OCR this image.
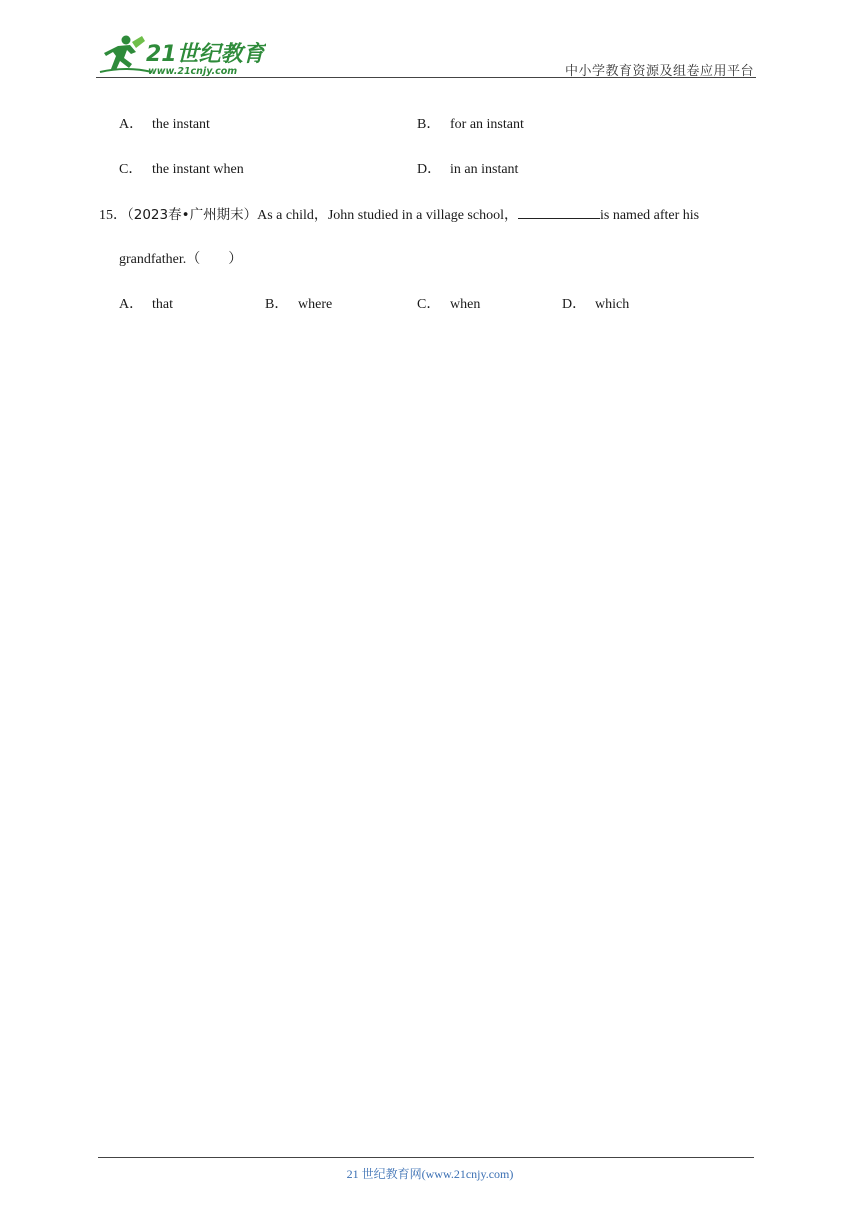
21世纪教育
www.21cnjy.com	中小学教育资源及组卷应用平台
A． the instant	B． for an instant
C． the instant when	D． in an instant
15．（2023春•广州期末）As a child，John studied in a village school，	is named after his
grandfather.（　　）
A． that	B． where	C． when	D． which
21 世纪教育网(www.21cnjy.com)
